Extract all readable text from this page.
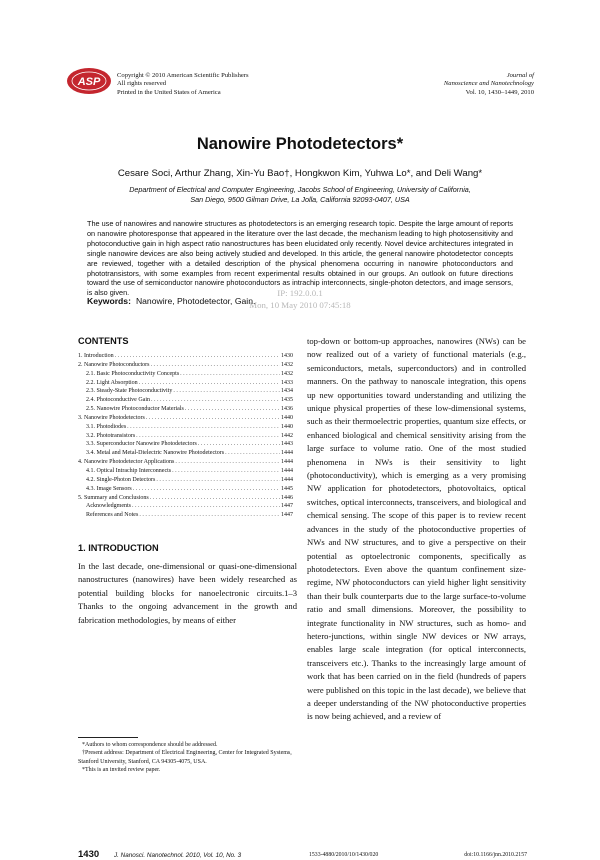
ASP
Copyright © 2010 American Scientific Publishers
All rights reserved
Printed in the United States of America
Journal of
Nanoscience and Nanotechnology
Vol. 10, 1430–1449, 2010
Nanowire Photodetectors*
Cesare Soci, Arthur Zhang, Xin-Yu Bao†, Hongkwon Kim, Yuhwa Lo*, and Deli Wang*
Department of Electrical and Computer Engineering, Jacobs School of Engineering, University of California,
San Diego, 9500 Gilman Drive, La Jolla, California 92093-0407, USA
The use of nanowires and nanowire structures as photodetectors is an emerging research topic. Despite the large amount of reports on nanowire photoresponse that appeared in the literature over the last decade, the mechanism leading to high photosensitivity and photoconductive gain in high aspect ratio nanostructures has been elucidated only recently. Novel device architectures integrated in single nanowire devices are also being actively studied and developed. In this article, the general nanowire photodetector concepts are reviewed, together with a detailed description of the physical phenomena occurring in nanowire photoconductors and phototransistors, with some examples from recent experimental results obtained in our groups. An outlook on future directions toward the use of semiconductor nanowire photoconductors as intrachip interconnects, single-photon detectors, and image sensors, is also given.	IP: 192.0.0.1
Mon, 10 May 2010 07:45:18
Keywords: Nanowire, Photodetector, Gain.
CONTENTS
1. Introduction . . .	1430
2. Nanowire Photoconductors . . .	1432
2.1. Basic Photoconductivity Concepts . . .	1432
2.2. Light Absorption . . .	1433
2.3. Steady-State Photoconductivity . . .	1434
2.4. Photoconductive Gain . . .	1435
2.5. Nanowire Photoconductor Materials . . .	1436
3. Nanowire Photodetectors . . .	1440
3.1. Photodiodes . . .	1440
3.2. Phototransistors . . .	1442
3.3. Superconductor Nanowire Photodetectors . . .	1443
3.4. Metal and Metal-Dielectric Nanowire Photodetectors . . .	1444
4. Nanowire Photodetector Applications . . .	1444
4.1. Optical Intrachip Interconnects . . .	1444
4.2. Single-Photon Detectors . . .	1444
4.3. Image Sensors . . .	1445
5. Summary and Conclusions . . .	1446
Acknowledgments . . .	1447
References and Notes . . .	1447
1. INTRODUCTION
In the last decade, one-dimensional or quasi-one-dimensional nanostructures (nanowires) have been widely researched as potential building blocks for nanoelectronic circuits.1–3 Thanks to the ongoing advancement in the growth and fabrication methodologies, by means of either

*Authors to whom correspondence should be addressed.

†Present address: Department of Electrical Engineering, Center for Integrated Systems, Stanford University, Stanford, CA 94305-4075, USA.

*This is an invited review paper.

top-down or bottom-up approaches, nanowires (NWs) can be now realized out of a variety of functional materials (e.g., semiconductors, metals, superconductors) and in controlled manners. On the pathway to nanoscale integration, this opens up new opportunities toward understanding and utilizing the unique physical properties of these low-dimensional systems, such as their thermoelectric properties, quantum size effects, or enhanced biological and chemical sensitivity arising from the large surface to volume ratio. One of the most studied phenomena in NWs is their sensitivity to light (photoconductivity), which is emerging as a very promising NW application for photodetectors, photovoltaics, optical switches, optical interconnects, transceivers, and biological and chemical sensing. The scope of this paper is to review recent advances in the study of the photoconductive properties of NWs and NW structures, and to give a perspective on their potential as optoelectronic components, specifically as photodetectors. Even above the quantum confinement size-regime, NW photoconductors can yield higher light sensitivity than their bulk counterparts due to the large surface-to-volume ratio and small dimensions. Moreover, the possibility to integrate functionality in NW structures, such as homo- and hetero-junctions, within single NW devices or NW arrays, enables large scale integration (for optical interconnects, transceivers etc.). Thanks to the increasingly large amount of work that has been carried on in the field (hundreds of papers were published on this topic in the last decade), we believe that a deeper understanding of the NW photoconductive properties is now being achieved, and a review of
1430 J. Nanosci. Nanotechnol. 2010, Vol. 10, No. 3	1533-4880/2010/10/1430/020	doi:10.1166/jnn.2010.2157
